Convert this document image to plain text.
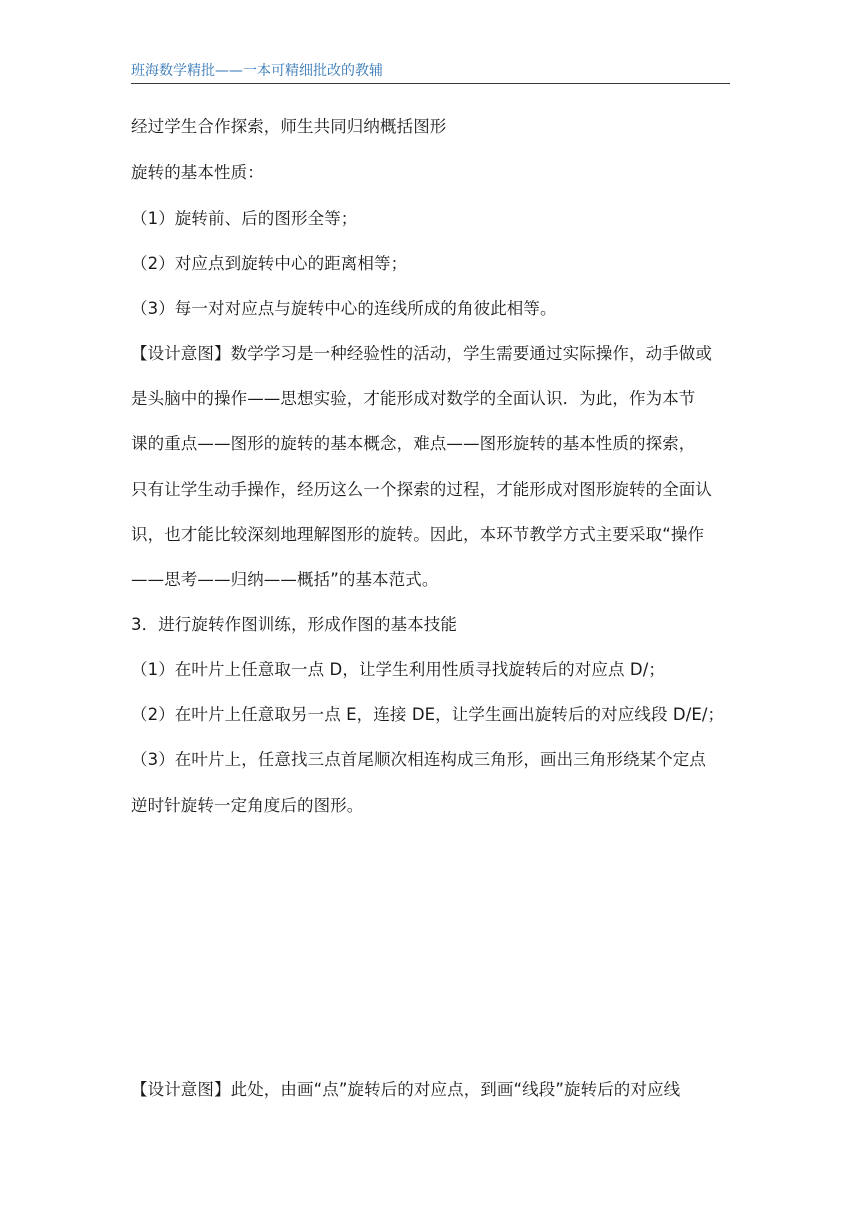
班海数学精批——一本可精细批改的教辅
经过学生合作探索，师生共同归纳概括图形
旋转的基本性质：
（1）旋转前、后的图形全等；
（2）对应点到旋转中心的距离相等；
（3）每一对对应点与旋转中心的连线所成的角彼此相等。
【设计意图】数学学习是一种经验性的活动，学生需要通过实际操作，动手做或
是头脑中的操作——思想实验，才能形成对数学的全面认识．为此，作为本节
课的重点——图形的旋转的基本概念，难点——图形旋转的基本性质的探索，
只有让学生动手操作，经历这么一个探索的过程，才能形成对图形旋转的全面认
识，也才能比较深刻地理解图形的旋转。因此，本环节教学方式主要采取“操作
——思考——归纳——概括”的基本范式。
3．进行旋转作图训练，形成作图的基本技能
（1）在叶片上任意取一点 D，让学生利用性质寻找旋转后的对应点 D/；
（2）在叶片上任意取另一点 E，连接 DE，让学生画出旋转后的对应线段 D/E/；
（3）在叶片上，任意找三点首尾顺次相连构成三角形，画出三角形绕某个定点
逆时针旋转一定角度后的图形。
【设计意图】此处，由画“点”旋转后的对应点，到画“线段”旋转后的对应线
